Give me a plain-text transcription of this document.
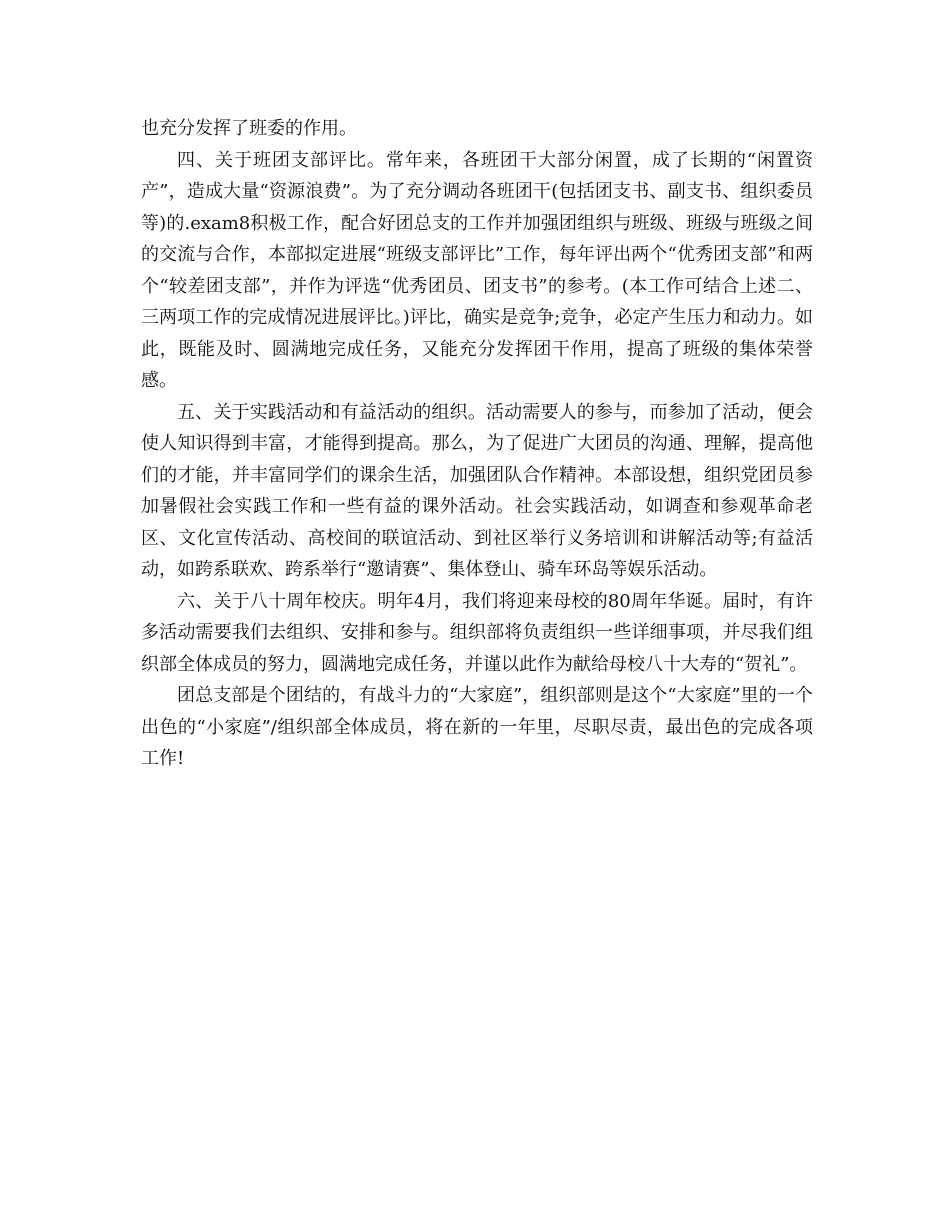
也充分发挥了班委的作用。

四、关于班团支部评比。常年来，各班团干大部分闲置，成了长期的“闲置资产”，造成大量“资源浪费”。为了充分调动各班团干(包括团支书、副支书、组织委员等)的.exam8积极工作，配合好团总支的工作并加强团组织与班级、班级与班级之间的交流与合作，本部拟定进展“班级支部评比”工作，每年评出两个“优秀团支部”和两个“较差团支部”，并作为评选“优秀团员、团支书”的参考。(本工作可结合上述二、三两项工作的完成情况进展评比。)评比，确实是竞争;竞争，必定产生压力和动力。如此，既能及时、圆满地完成任务，又能充分发挥团干作用，提高了班级的集体荣誉感。

五、关于实践活动和有益活动的组织。活动需要人的参与，而参加了活动，便会使人知识得到丰富，才能得到提高。那么，为了促进广大团员的沟通、理解，提高他们的才能，并丰富同学们的课余生活，加强团队合作精神。本部设想，组织党团员参加暑假社会实践工作和一些有益的课外活动。社会实践活动，如调查和参观革命老区、文化宣传活动、高校间的联谊活动、到社区举行义务培训和讲解活动等;有益活动，如跨系联欢、跨系举行“邀请赛”、集体登山、骑车环岛等娱乐活动。

六、关于八十周年校庆。明年4月，我们将迎来母校的80周年华诞。届时，有许多活动需要我们去组织、安排和参与。组织部将负责组织一些详细事项，并尽我们组织部全体成员的努力，圆满地完成任务，并谨以此作为献给母校八十大寿的“贺礼”。

团总支部是个团结的，有战斗力的“大家庭”，组织部则是这个“大家庭”里的一个出色的“小家庭”/组织部全体成员，将在新的一年里，尽职尽责，最出色的完成各项工作!
